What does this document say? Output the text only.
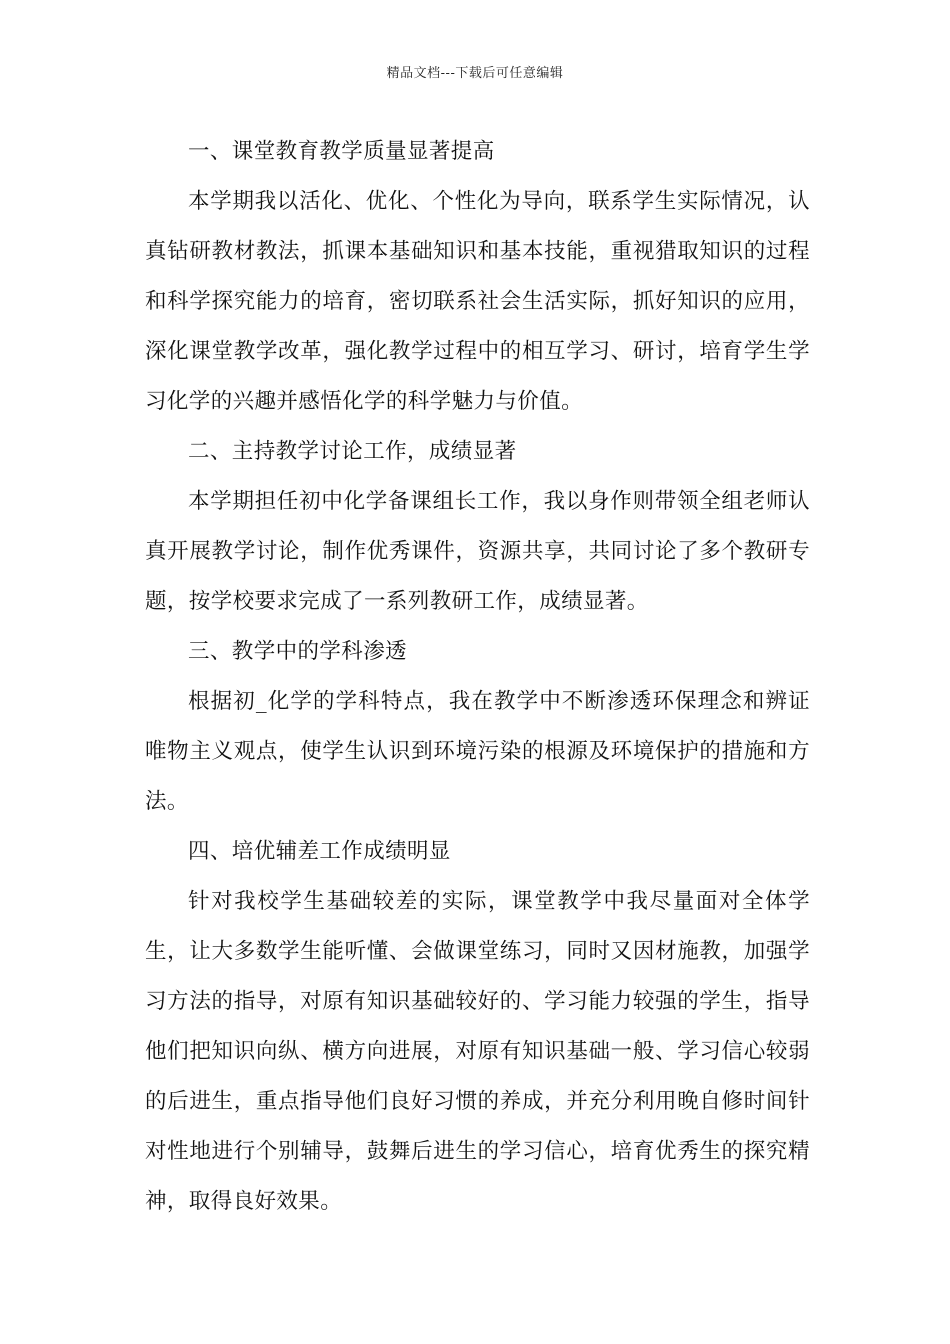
精品文档---下载后可任意编辑

一、课堂教育教学质量显著提高

本学期我以活化、优化、个性化为导向，联系学生实际情况，认真钻研教材教法，抓课本基础知识和基本技能，重视猎取知识的过程和科学探究能力的培育，密切联系社会生活实际，抓好知识的应用，深化课堂教学改革，强化教学过程中的相互学习、研讨，培育学生学习化学的兴趣并感悟化学的科学魅力与价值。

二、主持教学讨论工作，成绩显著

本学期担任初中化学备课组长工作，我以身作则带领全组老师认真开展教学讨论，制作优秀课件，资源共享，共同讨论了多个教研专题，按学校要求完成了一系列教研工作，成绩显著。

三、教学中的学科渗透

根据初_化学的学科特点，我在教学中不断渗透环保理念和辨证唯物主义观点，使学生认识到环境污染的根源及环境保护的措施和方法。

四、培优辅差工作成绩明显

针对我校学生基础较差的实际，课堂教学中我尽量面对全体学生，让大多数学生能听懂、会做课堂练习，同时又因材施教，加强学习方法的指导，对原有知识基础较好的、学习能力较强的学生，指导他们把知识向纵、横方向进展，对原有知识基础一般、学习信心较弱的后进生，重点指导他们良好习惯的养成，并充分利用晚自修时间针对性地进行个别辅导，鼓舞后进生的学习信心，培育优秀生的探究精神，取得良好效果。
